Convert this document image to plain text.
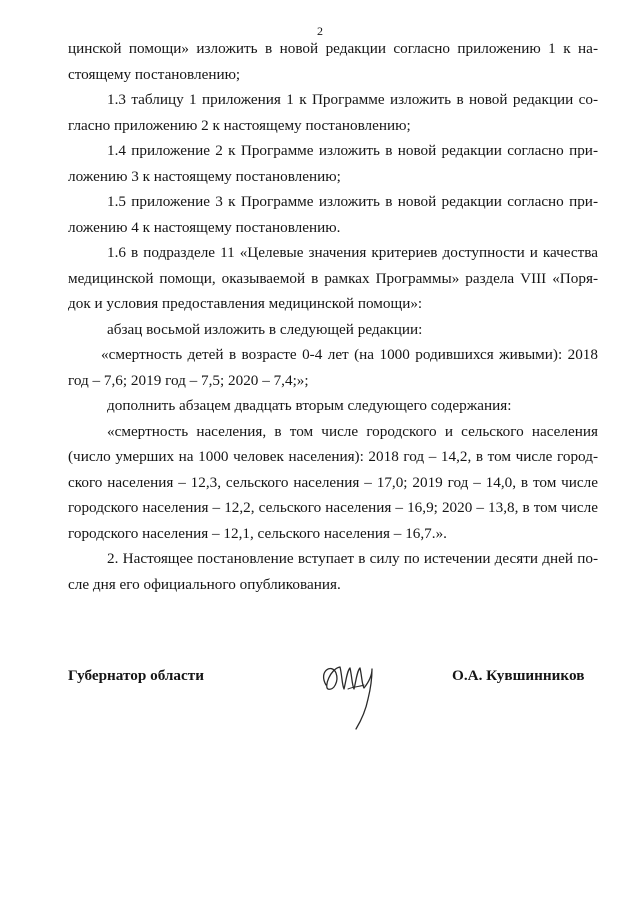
2

цинской помощи» изложить в новой редакции согласно приложению 1 к настоящему постановлению;

1.3 таблицу 1 приложения 1 к Программе изложить в новой редакции согласно приложению 2 к настоящему постановлению;

1.4 приложение 2 к Программе изложить в новой редакции согласно приложению 3 к настоящему постановлению;

1.5 приложение 3 к Программе изложить в новой редакции согласно приложению 4 к настоящему постановлению.

1.6 в подразделе 11 «Целевые значения критериев доступности и качества медицинской помощи, оказываемой в рамках Программы» раздела VIII «Порядок и условия предоставления медицинской помощи»:

абзац восьмой изложить в следующей редакции:

«смертность детей в возрасте 0-4 лет (на 1000 родившихся живыми): 2018 год – 7,6; 2019 год – 7,5; 2020 – 7,4;»;

дополнить абзацем двадцать вторым следующего содержания:

«смертность населения, в том числе городского и сельского населения (число умерших на 1000 человек населения): 2018 год – 14,2, в том числе городского населения – 12,3, сельского населения – 17,0; 2019 год – 14,0, в том числе городского населения – 12,2, сельского населения – 16,9; 2020 – 13,8, в том числе городского населения – 12,1, сельского населения – 16,7.».

2. Настоящее постановление вступает в силу по истечении десяти дней после дня его официального опубликования.

Губернатор области	О.А. Кувшинников
